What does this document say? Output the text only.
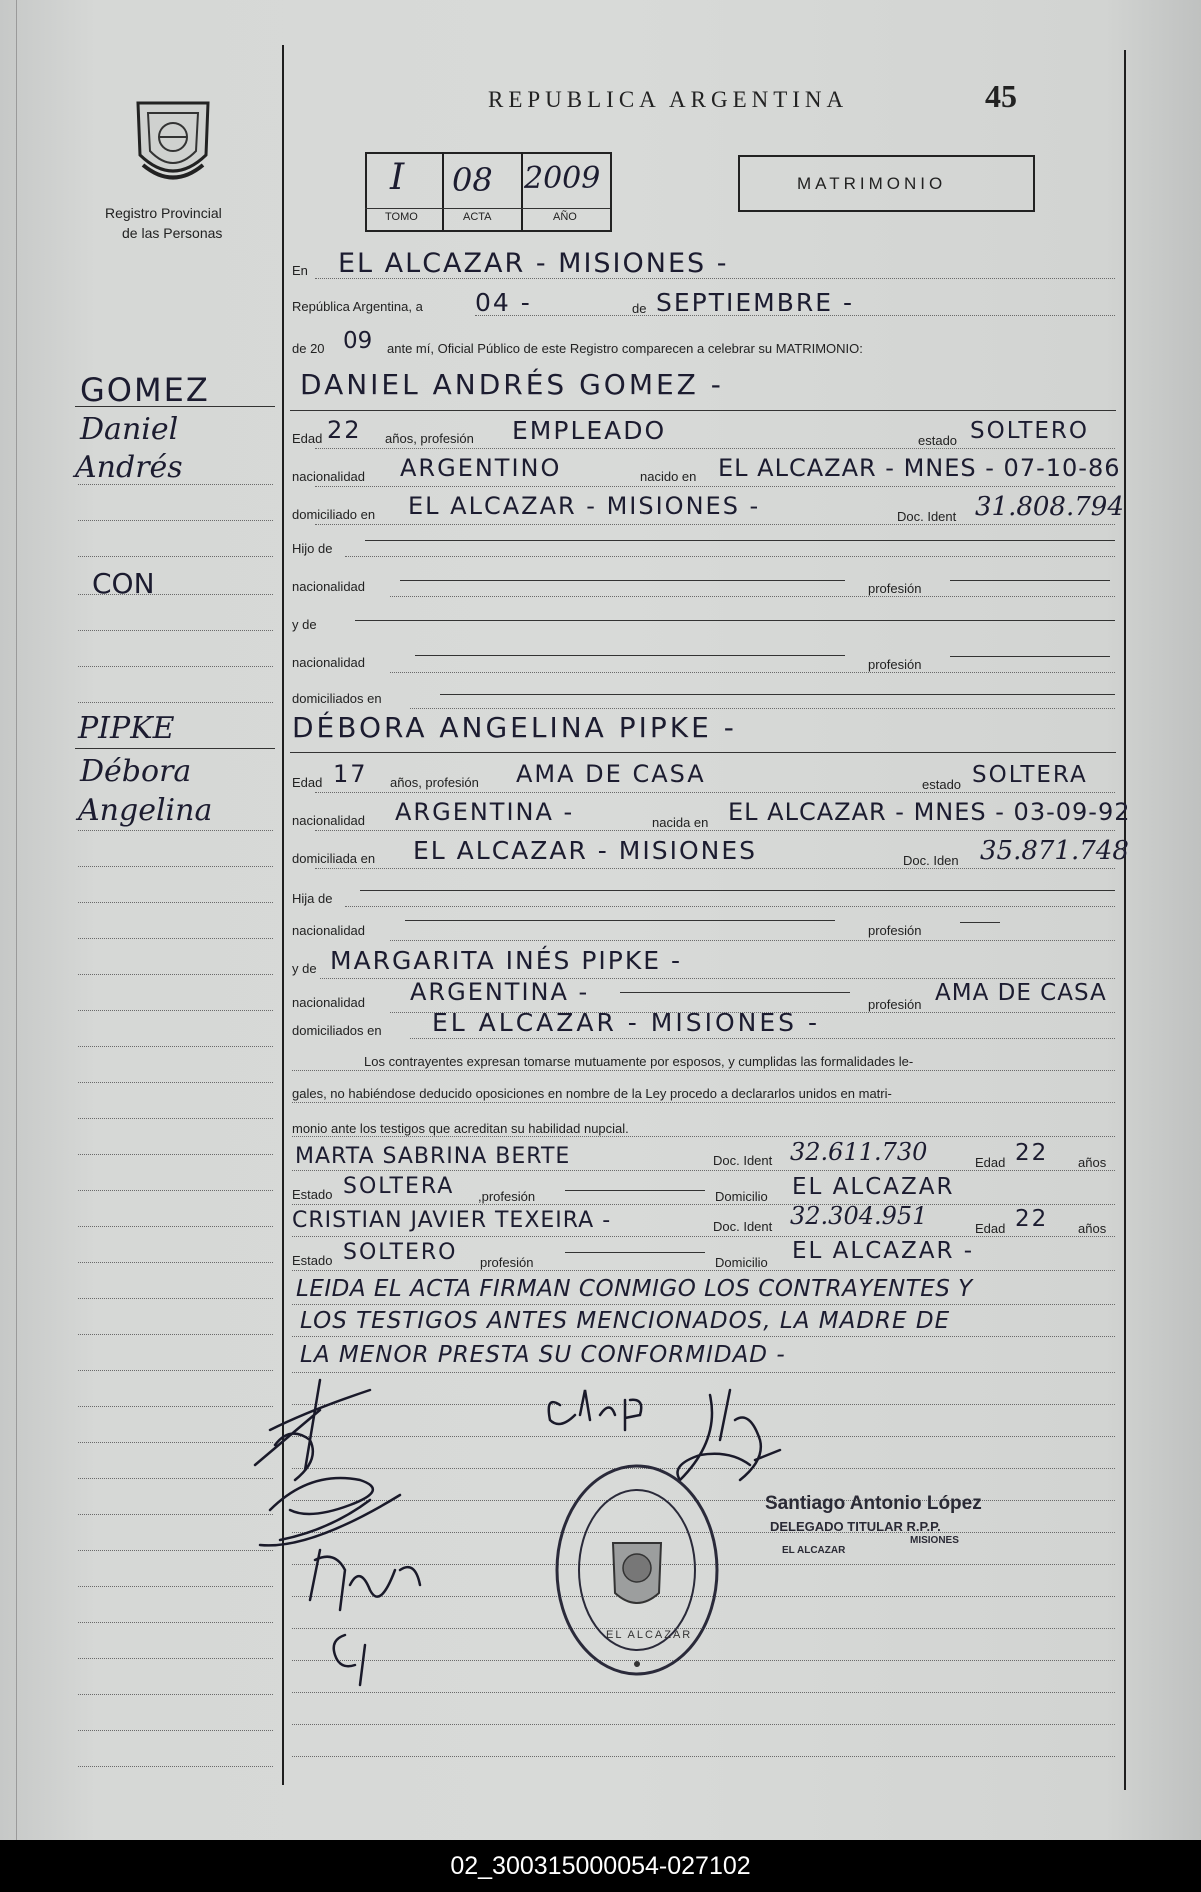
Registro Provincial
de las Personas
REPUBLICA ARGENTINA	45
I 08 2009
TOMO	ACTA	AÑO
MATRIMONIO
En EL ALCAZAR - MISIONES -
República Argentina, a 04 -	de SEPTIEMBRE -
de 20 09 ante mí, Oficial Público de este Registro comparecen a celebrar su MATRIMONIO:
GOMEZ
Daniel
Andrés
CON
DANIEL ANDRÉS GOMEZ -
Edad 22 años, profesión EMPLEADO	estado SOLTERO
nacionalidad ARGENTINO	nacido en EL ALCAZAR - MNES - 07-10-86
domiciliado en EL ALCAZAR - MISIONES -	Doc. Ident 31.808.794
Hijo de
nacionalidad	profesión
y de
nacionalidad	profesión
domiciliados en
PIPKE
Débora
Angelina
DÉBORA ANGELINA PIPKE -
Edad 17 años, profesión AMA DE CASA	estado SOLTERA
nacionalidad ARGENTINA -	nacida en EL ALCAZAR - MNES - 03-09-92
domiciliada en EL ALCAZAR - MISIONES	Doc. Iden 35.871.748
Hija de
nacionalidad	profesión
y de MARGARITA INÉS PIPKE -
nacionalidad ARGENTINA -	profesión AMA DE CASA
domiciliados en EL ALCAZAR - MISIONES -
Los contrayentes expresan tomarse mutuamente por esposos, y cumplidas las formalidades le-
gales, no habiéndose deducido oposiciones en nombre de la Ley procedo a declararlos unidos en matri-
monio ante los testigos que acreditan su habilidad nupcial.
MARTA SABRINA BERTE	Doc. Ident 32.611.730	Edad 22 años
Estado SOLTERA ,profesión	Domicilio EL ALCAZAR
CRISTIAN JAVIER TEXEIRA -	Doc. Ident 32.304.951	Edad 22 años
Estado SOLTERO profesión	Domicilio EL ALCAZAR -
LEIDA EL ACTA FIRMAN CONMIGO LOS CONTRAYENTES Y
LOS TESTIGOS ANTES MENCIONADOS, LA MADRE DE
LA MENOR PRESTA SU CONFORMIDAD -
EL ALCAZAR
Santiago Antonio López
DELEGADO TITULAR R.P.P.
EL ALCAZAR
MISIONES
02_300315000054-027102
